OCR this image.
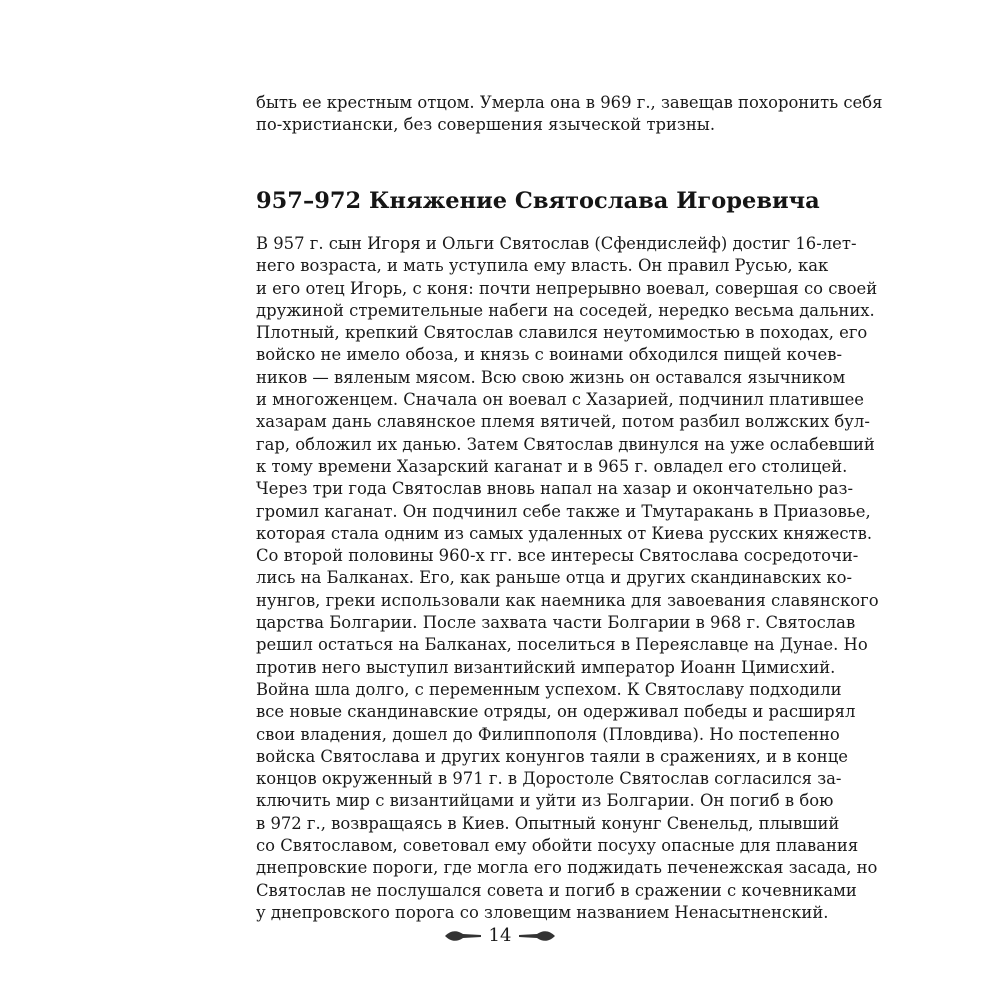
быть ее крестным отцом. Умерла она в 969 г., завещав похоронить себя
по-христиански, без совершения языческой тризны.
957–972 Княжение Святослава Игоревича
В 957 г. сын Игоря и Ольги Святослав (Сфендислейф) достиг 16-лет-
него возраста, и мать уступила ему власть. Он правил Русью, как
и его отец Игорь, с коня: почти непрерывно воевал, совершая со своей
дружиной стремительные набеги на соседей, нередко весьма дальних.
Плотный, крепкий Святослав славился неутомимостью в походах, его
войско не имело обоза, и князь с воинами обходился пищей кочев-
ников — вяленым мясом. Всю свою жизнь он оставался язычником
и многоженцем. Сначала он воевал с Хазарией, подчинил платившее
хазарам дань славянское племя вятичей, потом разбил волжских бул-
гар, обложил их данью. Затем Святослав двинулся на уже ослабевший
к тому времени Хазарский каганат и в 965 г. овладел его столицей.
Через три года Святослав вновь напал на хазар и окончательно раз-
громил каганат. Он подчинил себе также и Тмутаракань в Приазовье,
которая стала одним из самых удаленных от Киева русских княжеств.
Со второй половины 960-х гг. все интересы Святослава сосредоточи-
лись на Балканах. Его, как раньше отца и других скандинавских ко-
нунгов, греки использовали как наемника для завоевания славянского
царства Болгарии. После захвата части Болгарии в 968 г. Святослав
решил остаться на Балканах, поселиться в Переяславце на Дунае. Но
против него выступил византийский император Иоанн Цимисхий.
Война шла долго, с переменным успехом. К Святославу подходили
все новые скандинавские отряды, он одерживал победы и расширял
свои владения, дошел до Филиппополя (Пловдива). Но постепенно
войска Святослава и других конунгов таяли в сражениях, и в конце
концов окруженный в 971 г. в Доростоле Святослав согласился за-
ключить мир с византийцами и уйти из Болгарии. Он погиб в бою
в 972 г., возвращаясь в Киев. Опытный конунг Свенельд, плывший
со Святославом, советовал ему обойти посуху опасные для плавания
днепровские пороги, где могла его поджидать печенежская засада, но
Святослав не послушался совета и погиб в сражении с кочевниками
у днепровского порога со зловещим названием Ненасытненский.
14
